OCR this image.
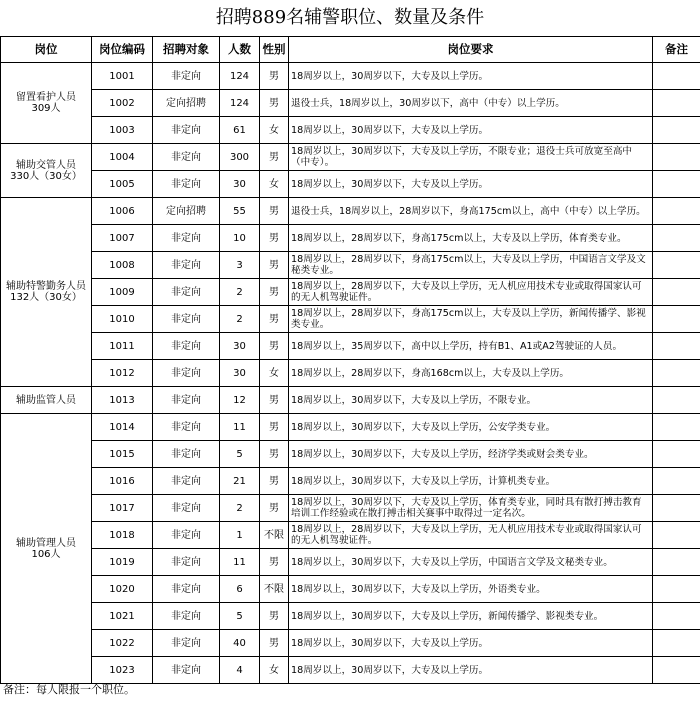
招聘889名辅警职位、数量及条件
岗位	岗位编码	招聘对象	人数	性别	岗位要求	备注

留置看护人员
309人	1001	非定向	124	男	18周岁以上，30周岁以下，大专及以上学历。	
	1002	定向招聘	124	男	退役士兵，18周岁以上，30周岁以下，高中（中专）以上学历。	
	1003	非定向	61	女	18周岁以上，30周岁以下，大专及以上学历。	

辅助交管人员
330人（30女）	1004	非定向	300	男	18周岁以上，30周岁以下，大专及以上学历，不限专业；退役士兵可放宽至高中（中专）。	
	1005	非定向	30	女	18周岁以上，30周岁以下，大专及以上学历。	

辅助特警勤务人员
132人（30女）	1006	定向招聘	55	男	退役士兵，18周岁以上，28周岁以下，身高175cm以上，高中（中专）以上学历。	
	1007	非定向	10	男	18周岁以上，28周岁以下，身高175cm以上，大专及以上学历，体育类专业。	
	1008	非定向	3	男	18周岁以上，28周岁以下，身高175cm以上，大专及以上学历，中国语言文学及文秘类专业。	
	1009	非定向	2	男	18周岁以上，28周岁以下，大专及以上学历，无人机应用技术专业或取得国家认可的无人机驾驶证件。	
	1010	非定向	2	男	18周岁以上，28周岁以下，身高175cm以上，大专及以上学历，新闻传播学、影视类专业。	
	1011	非定向	30	男	18周岁以上，35周岁以下，高中以上学历，持有B1、A1或A2驾驶证的人员。	
	1012	非定向	30	女	18周岁以上，28周岁以下，身高168cm以上，大专及以上学历。	

辅助监管人员	1013	非定向	12	男	18周岁以上，30周岁以下，大专及以上学历，不限专业。	

辅助管理人员
106人	1014	非定向	11	男	18周岁以上，30周岁以下，大专及以上学历，公安学类专业。	
	1015	非定向	5	男	18周岁以上，30周岁以下，大专及以上学历，经济学类或财会类专业。	
	1016	非定向	21	男	18周岁以上，30周岁以下，大专及以上学历，计算机类专业。	
	1017	非定向	2	男	18周岁以上，30周岁以下，大专及以上学历，体育类专业，同时具有散打搏击教育培训工作经验或在散打搏击相关赛事中取得过一定名次。	
	1018	非定向	1	不限	18周岁以上，28周岁以下，大专及以上学历，无人机应用技术专业或取得国家认可的无人机驾驶证件。	
	1019	非定向	11	男	18周岁以上，30周岁以下，大专及以上学历，中国语言文学及文秘类专业。	
	1020	非定向	6	不限	18周岁以上，30周岁以下，大专及以上学历，外语类专业。	
	1021	非定向	5	男	18周岁以上，30周岁以下，大专及以上学历，新闻传播学、影视类专业。	
	1022	非定向	40	男	18周岁以上，30周岁以下，大专及以上学历。	
	1023	非定向	4	女	18周岁以上，30周岁以下，大专及以上学历。	
备注：每人限报一个职位。
